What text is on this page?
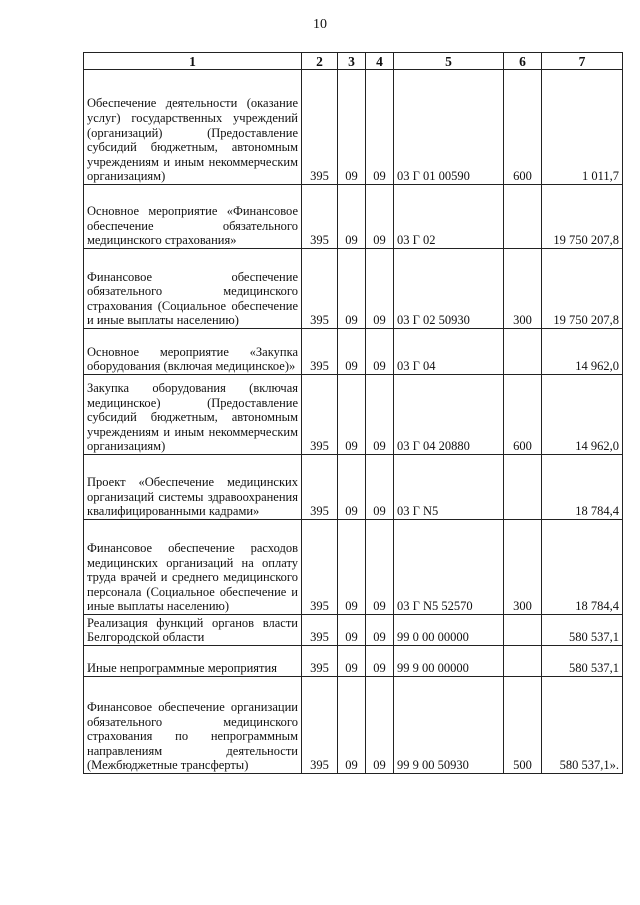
10
1	2	3	4	5	6	7
Обеспечение деятельности (оказание услуг) государственных учреждений (организаций) (Предоставление субсидий бюджетным, автономным учреждениям и иным некоммерческим организациям)	395	09	09	03 Г 01 00590	600	1 011,7
Основное мероприятие «Финансовое обеспечение обязательного медицинского страхования»	395	09	09	03 Г 02		19 750 207,8
Финансовое обеспечение обязательного медицинского страхования (Социальное обеспечение и иные выплаты населению)	395	09	09	03 Г 02 50930	300	19 750 207,8
Основное мероприятие «Закупка оборудования (включая медицинское)»	395	09	09	03 Г 04		14 962,0
Закупка оборудования (включая медицинское) (Предоставление субсидий бюджетным, автономным учреждениям и иным некоммерческим организациям)	395	09	09	03 Г 04 20880	600	14 962,0
Проект «Обеспечение медицинских организаций системы здравоохранения квалифицированными кадрами»	395	09	09	03 Г N5		18 784,4
Финансовое обеспечение расходов медицинских организаций на оплату труда врачей и среднего медицинского персонала (Социальное обеспечение и иные выплаты населению)	395	09	09	03 Г N5 52570	300	18 784,4
Реализация функций органов власти Белгородской области	395	09	09	99 0 00 00000		580 537,1
Иные непрограммные мероприятия	395	09	09	99 9 00 00000		580 537,1
Финансовое обеспечение организации обязательного медицинского страхования по непрограммным направлениям деятельности (Межбюджетные трансферты)	395	09	09	99 9 00 50930	500	580 537,1».
